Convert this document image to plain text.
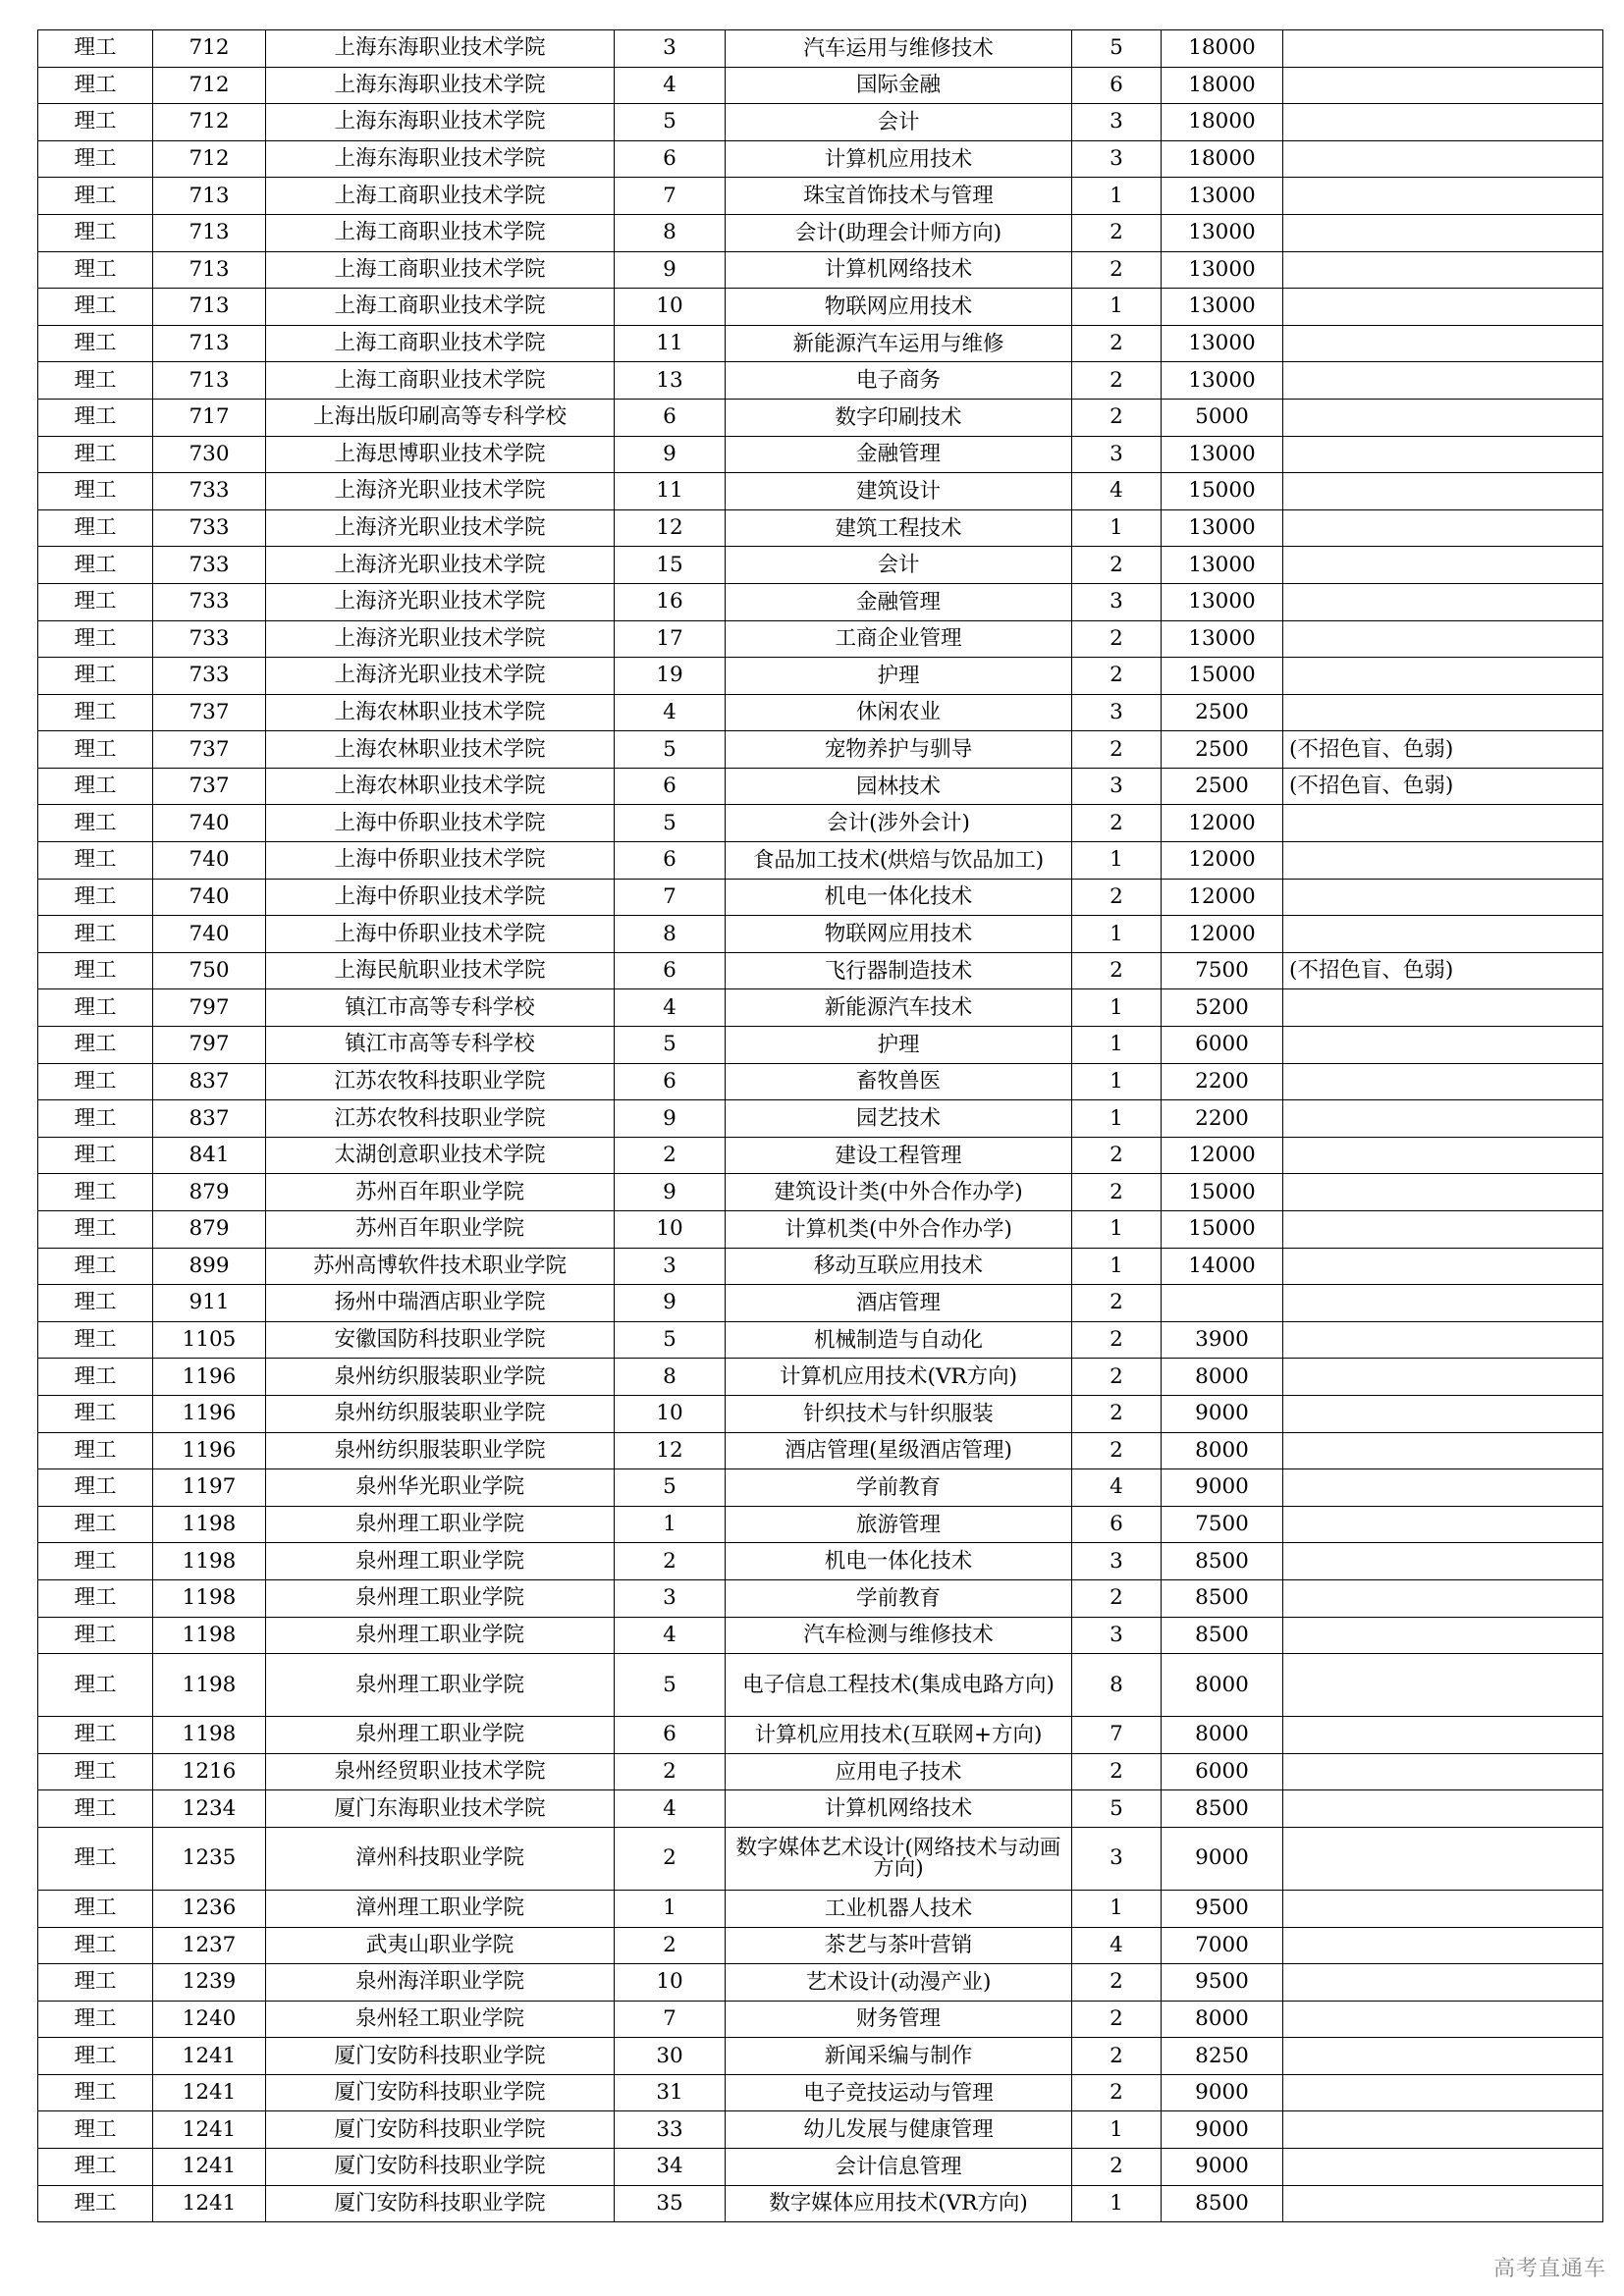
理工	712	上海东海职业技术学院	3	汽车运用与维修技术	5	18000	
理工	712	上海东海职业技术学院	4	国际金融	6	18000	
理工	712	上海东海职业技术学院	5	会计	3	18000	
理工	712	上海东海职业技术学院	6	计算机应用技术	3	18000	
理工	713	上海工商职业技术学院	7	珠宝首饰技术与管理	1	13000	
理工	713	上海工商职业技术学院	8	会计(助理会计师方向)	2	13000	
理工	713	上海工商职业技术学院	9	计算机网络技术	2	13000	
理工	713	上海工商职业技术学院	10	物联网应用技术	1	13000	
理工	713	上海工商职业技术学院	11	新能源汽车运用与维修	2	13000	
理工	713	上海工商职业技术学院	13	电子商务	2	13000	
理工	717	上海出版印刷高等专科学校	6	数字印刷技术	2	5000	
理工	730	上海思博职业技术学院	9	金融管理	3	13000	
理工	733	上海济光职业技术学院	11	建筑设计	4	15000	
理工	733	上海济光职业技术学院	12	建筑工程技术	1	13000	
理工	733	上海济光职业技术学院	15	会计	2	13000	
理工	733	上海济光职业技术学院	16	金融管理	3	13000	
理工	733	上海济光职业技术学院	17	工商企业管理	2	13000	
理工	733	上海济光职业技术学院	19	护理	2	15000	
理工	737	上海农林职业技术学院	4	休闲农业	3	2500	
理工	737	上海农林职业技术学院	5	宠物养护与驯导	2	2500	(不招色盲、色弱)
理工	737	上海农林职业技术学院	6	园林技术	3	2500	(不招色盲、色弱)
理工	740	上海中侨职业技术学院	5	会计(涉外会计)	2	12000	
理工	740	上海中侨职业技术学院	6	食品加工技术(烘焙与饮品加工)	1	12000	
理工	740	上海中侨职业技术学院	7	机电一体化技术	2	12000	
理工	740	上海中侨职业技术学院	8	物联网应用技术	1	12000	
理工	750	上海民航职业技术学院	6	飞行器制造技术	2	7500	(不招色盲、色弱)
理工	797	镇江市高等专科学校	4	新能源汽车技术	1	5200	
理工	797	镇江市高等专科学校	5	护理	1	6000	
理工	837	江苏农牧科技职业学院	6	畜牧兽医	1	2200	
理工	837	江苏农牧科技职业学院	9	园艺技术	1	2200	
理工	841	太湖创意职业技术学院	2	建设工程管理	2	12000	
理工	879	苏州百年职业学院	9	建筑设计类(中外合作办学)	2	15000	
理工	879	苏州百年职业学院	10	计算机类(中外合作办学)	1	15000	
理工	899	苏州高博软件技术职业学院	3	移动互联应用技术	1	14000	
理工	911	扬州中瑞酒店职业学院	9	酒店管理	2		
理工	1105	安徽国防科技职业学院	5	机械制造与自动化	2	3900	
理工	1196	泉州纺织服装职业学院	8	计算机应用技术(VR方向)	2	8000	
理工	1196	泉州纺织服装职业学院	10	针织技术与针织服装	2	9000	
理工	1196	泉州纺织服装职业学院	12	酒店管理(星级酒店管理)	2	8000	
理工	1197	泉州华光职业学院	5	学前教育	4	9000	
理工	1198	泉州理工职业学院	1	旅游管理	6	7500	
理工	1198	泉州理工职业学院	2	机电一体化技术	3	8500	
理工	1198	泉州理工职业学院	3	学前教育	2	8500	
理工	1198	泉州理工职业学院	4	汽车检测与维修技术	3	8500	
理工	1198	泉州理工职业学院	5	电子信息工程技术(集成电路方向)	8	8000	
理工	1198	泉州理工职业学院	6	计算机应用技术(互联网+方向)	7	8000	
理工	1216	泉州经贸职业技术学院	2	应用电子技术	2	6000	
理工	1234	厦门东海职业技术学院	4	计算机网络技术	5	8500	
理工	1235	漳州科技职业学院	2	数字媒体艺术设计(网络技术与动画方向)	3	9000	
理工	1236	漳州理工职业学院	1	工业机器人技术	1	9500	
理工	1237	武夷山职业学院	2	茶艺与茶叶营销	4	7000	
理工	1239	泉州海洋职业学院	10	艺术设计(动漫产业)	2	9500	
理工	1240	泉州轻工职业学院	7	财务管理	2	8000	
理工	1241	厦门安防科技职业学院	30	新闻采编与制作	2	8250	
理工	1241	厦门安防科技职业学院	31	电子竞技运动与管理	2	9000	
理工	1241	厦门安防科技职业学院	33	幼儿发展与健康管理	1	9000	
理工	1241	厦门安防科技职业学院	34	会计信息管理	2	9000	
理工	1241	厦门安防科技职业学院	35	数字媒体应用技术(VR方向)	1	8500	
高考直通车
